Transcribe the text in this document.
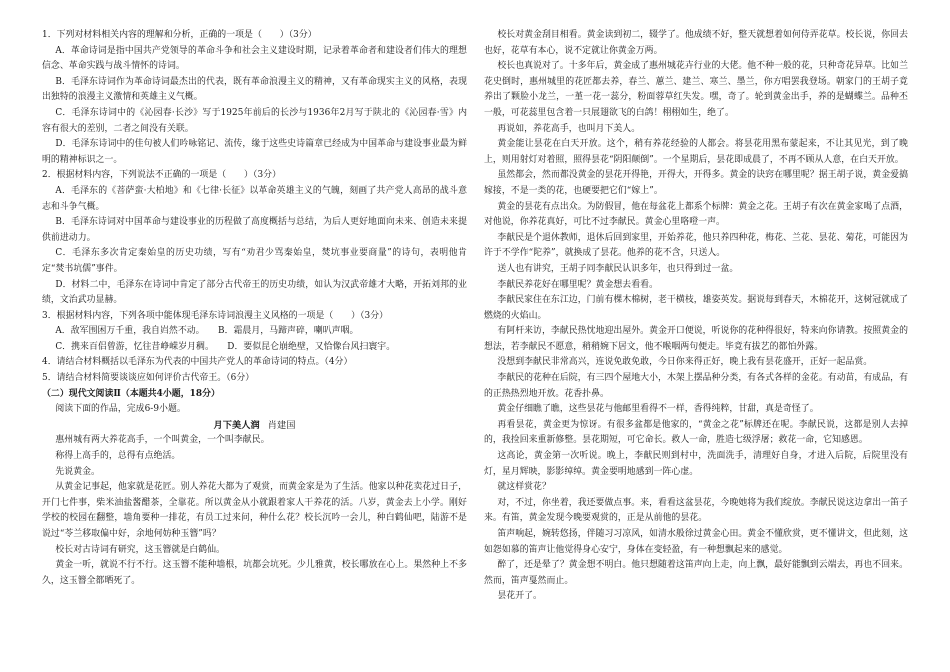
1．下列对材料相关内容的理解和分析，正确的一项是（　　）（3分）

A．革命诗词是指中国共产党领导的革命斗争和社会主义建设时期，记录着革命者和建设者们伟大的理想信念、革命实践与战斗情怀的诗词。

B．毛泽东诗词作为革命诗词最杰出的代表，既有革命浪漫主义的精神，又有革命现实主义的风格，表现出独特的浪漫主义激情和英雄主义气概。

C．毛泽东诗词中的《沁园春·长沙》写于1925年前后的长沙与1936年2月写于陕北的《沁园春·雪》内容有很大的差别，二者之间没有关联。

D．毛泽东诗词中的佳句被人们吟咏铭记、流传，缘于这些史诗篇章已经成为中国革命与建设事业最为鲜明的精神标识之一。

2．根据材料内容，下列说法不正确的一项是（　　）（3分）

A．毛泽东的《菩萨蛮·大柏地》和《七律·长征》以革命英雄主义的气魄，刻画了共产党人高昂的战斗意志和斗争气概。

B．毛泽东诗词对中国革命与建设事业的历程做了高度概括与总结，为后人更好地面向未来、创造未来提供前进动力。

C．毛泽东多次肯定秦始皇的历史功绩，写有“劝君少骂秦始皇，焚坑事业要商量”的诗句，表明他肯定“焚书坑儒”事件。

D．材料二中，毛泽东在诗词中肯定了部分古代帝王的历史功绩，如认为汉武帝雄才大略，开拓刘邦的业绩，文治武功显赫。

3．根据材料内容，下列各项中能体现毛泽东诗词浪漫主义风格的一项是（　　）（3分）

A．敌军围困万千重，我自岿然不动。　　B．霜晨月，马蹄声碎，喇叭声咽。

C．携来百侣曾游，忆往昔峥嵘岁月稠。　　D．要似昆仑崩绝壁，又恰像台风扫寰宇。

4．请结合材料概括以毛泽东为代表的中国共产党人的革命诗词的特点。（4分）

5．请结合材料简要谈谈应如何评价古代帝王。（6分）

（二）现代文阅读Ⅱ（本题共4小题，18分）

阅读下面的作品，完成6-9小题。

月下美人润 肖建国

惠州城有两大养花高手，一个叫黄金，一个叫李献民。

称得上高手的，总得有点绝活。

先说黄金。

从黄金记事起，他家就是花匠。别人养花大都为了观赏，而黄金家是为了生活。他家以种花卖花过日子，开门七件事，柴米油盐酱醋茶，全靠花。所以黄金从小就跟着家人干养花的活。八岁，黄金去上小学。刚好学校的校园在翻整，墙角要种一排花，有员工过来问，种什么花？校长沉吟一会儿，种白鹤仙吧，陆游不是说过“苓兰移取偏中好，余地何妨种玉簪”吗？

校长对古诗词有研究，这玉簪就是白鹤仙。

黄金一听，就说不行不行。这玉簪不能种墙根，坑都会坑死。少儿雅黄，校长哪放在心上。果然种上不多久，这玉簪全都晒死了。

校长对黄金刮目相看。黄金读到初二，辍学了。他成绩不好，整天就想着如何侍弄花草。校长说，你回去也好，花草有本心，说不定就让你黄金万两。

校长也真说对了。十多年后，黄金成了惠州城花卉行业的大佬。他不种一般的花，只种奇花异草。比如兰花史倒时，惠州城里的花匠都去养，春兰、蕙兰、建兰、寒兰、墨兰，你方唱罢我登场。朝家门的王胡子竟养出了颗脸小龙兰，一堇一花一蕊分，粉面蓉草红失发。嘿，奇了。轮到黄金出手，养的是蝴蝶兰。品种丕一般，可花蕊里包含着一只展翅欲飞的白鸽！栩栩如生，绝了。

再说如，养花高手，也叫月下美人。

黄金能让昙花在白天开放。这个，稍有养花经验的人都会。将昙花用黑布蒙起来，不让其见光，到了晚上，则用射灯对着照，照得昙花“阴阳颠倒”。一个星期后，昙花即成晨了，不再不顾从人意，在白天开放。

虽然都会，然而都没黄金的昙花开得艳，开得大，开得多。黄金的诀窍在哪里呢？据王胡子说，黄金爱搞嫁接，不是一类的花，也硬要把它们“嫁上”。

黄金的昙花有点出众。为防假冒，他在每盆花上都系个标牌：黄金之花。王胡子有次在黄金家喝了点酒，对他说，你养花真好，可比不过李献民。黄金心里咯噔一声。

李献民是个退休教师，退休后回到家里，开始养花，他只养四种花，梅花、兰花、昙花、菊花，可能因为许于不学作“陀养”，就换成了昙花。他养的花不含，只送人。

送人也有讲究，王胡子同李献民认识多年，也只得到过一盆。

李献民养花好在哪里呢？黄金想去看看。

李献民家住在东江边，门前有棵木棉树，老干横枝，雄姿英发。据说每到春天，木棉花开，这树冠就成了燃烧的火焰山。

有阿杆来访，李献民热忱地迎出屋外。黄金开口便说，听说你的花种得很好，特来向你请教。按照黄金的想法，若李献民不愿意，稍稍婉下居文，他不喉咽两句便走。毕竟有拔艺的都怕外露。

没想到李献民非常高兴，连说免敢免敢，今日你来得正好，晚上我有昙花盛开，正好一起品赏。

李献民的花种在后院，有三四个屋地大小，木架上摆品种分类，有各式各样的金花。有动苗，有成品，有的正热热烈地开放。花香扑鼻。

黄金仔细瞧了瞧，这些昙花与他邮里看得不一样，香得纯粹，甘甜，真是奇怪了。

再看昙花，黄金更为惊讶。有很多盆都是他家的，“黄金之花”标牌还在呢。李献民说，这都是别人去掉的，我捡回来重新修整。昙花期短，可它命长。救人一命，胜造七级浮屠；救花一命，它知感恩。

这高论，黄金第一次听说。晚上，李献民则到村中，洗面洗手，清理好自身，才进入后院，后院里没有灯，星月辉映，影影绰绰。黄金要明地感到一阵心虚。

就这样赏花？

对，不过，你坐着，我还要做点事。来，看看这盆昙花，今晚她将为我们绽放。李献民说这边拿出一笛子来。有笛，黄金发现今晚要观赏的，正是从前他的昙花。

笛声响起，婉转悠扬，伴随习习凉风，如清水般徐过黄金心田。黄金不懂欣赏，更不懂讲文，但此刻，这如怨如慕的笛声让他觉得身心安宁，身体在变轻盈，有一种想飘起来的感觉。

醉了，还是晕了？黄金想不明白。他只想随着这笛声向上走，向上飘，最好能飘到云端去，再也不回来。然而，笛声戛然而止。

昙花开了。
